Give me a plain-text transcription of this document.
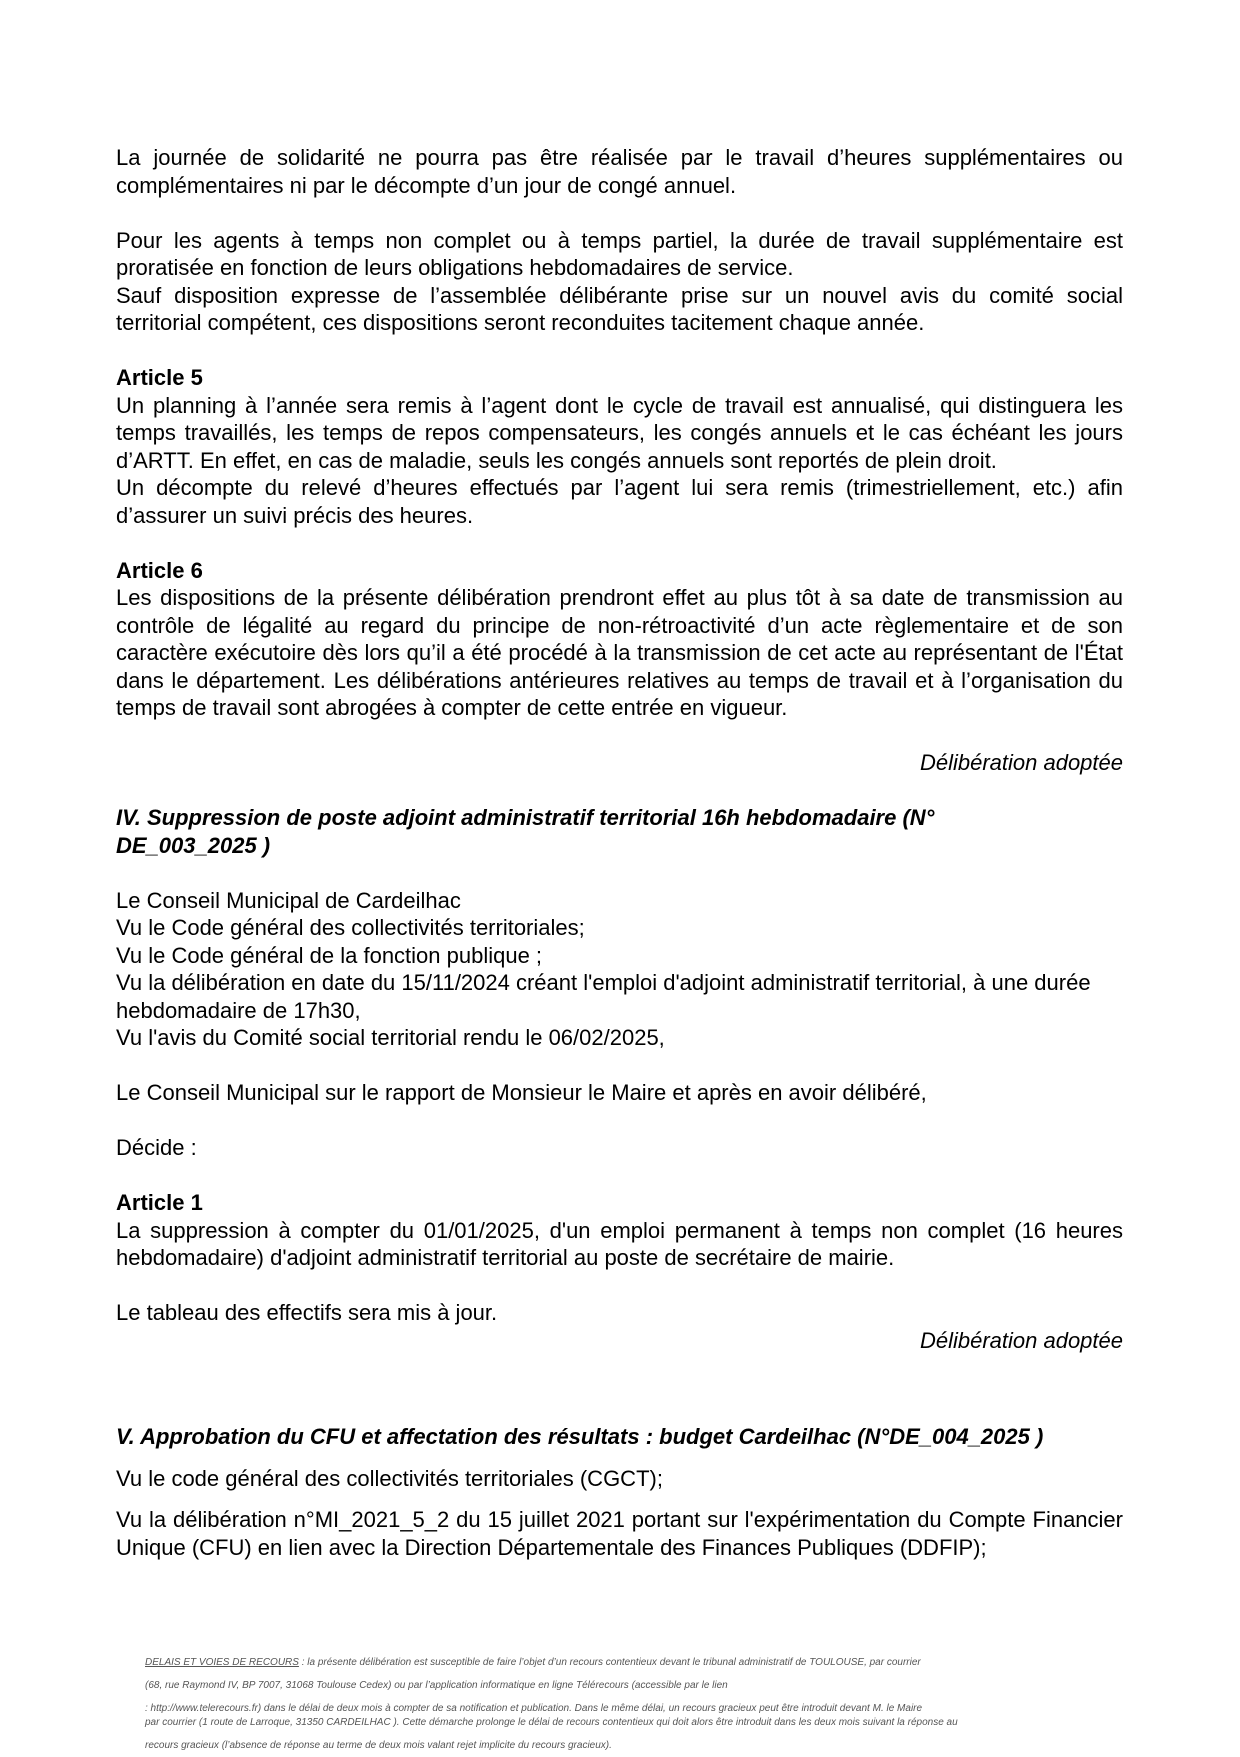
La journée de solidarité ne pourra pas être réalisée par le travail d’heures supplémentaires ou complémentaires ni par le décompte d’un jour de congé annuel.

Pour les agents à temps non complet ou à temps partiel, la durée de travail supplémentaire est proratisée en fonction de leurs obligations hebdomadaires de service.

Sauf disposition expresse de l’assemblée délibérante prise sur un nouvel avis du comité social territorial compétent, ces dispositions seront reconduites tacitement chaque année.

Article 5

Un planning à l’année sera remis à l’agent dont le cycle de travail est annualisé, qui distinguera les temps travaillés, les temps de repos compensateurs, les congés annuels et le cas échéant les jours d’ARTT. En effet, en cas de maladie, seuls les congés annuels sont reportés de plein droit.

Un décompte du relevé d’heures effectués par l’agent lui sera remis (trimestriellement, etc.) afin d’assurer un suivi précis des heures.

Article 6

Les dispositions de la présente délibération prendront effet au plus tôt à sa date de transmission au contrôle de légalité au regard du principe de non-rétroactivité d’un acte règlementaire et de son caractère exécutoire dès lors qu’il a été procédé à la transmission de cet acte au représentant de l'État dans le département. Les délibérations antérieures relatives au temps de travail et à l’organisation du temps de travail sont abrogées à compter de cette entrée en vigueur.

Délibération adoptée

IV. Suppression de poste adjoint administratif territorial 16h hebdomadaire (N°

DE_003_2025 )

Le Conseil Municipal de Cardeilhac

Vu le Code général des collectivités territoriales;

Vu le Code général de la fonction publique ;

Vu la délibération en date du 15/11/2024 créant l'emploi d'adjoint administratif territorial, à une durée hebdomadaire de 17h30,

Vu l'avis du Comité social territorial rendu le 06/02/2025,

Le Conseil Municipal sur le rapport de Monsieur le Maire et après en avoir délibéré,

Décide :

Article 1

La suppression à compter du 01/01/2025, d'un emploi permanent à temps non complet (16 heures hebdomadaire) d'adjoint administratif territorial au poste de secrétaire de mairie.

Le tableau des effectifs sera mis à jour.

Délibération adoptée

V. Approbation du CFU et affectation des résultats : budget Cardeilhac (N°DE_004_2025 )

Vu le code général des collectivités territoriales (CGCT);

Vu la délibération n°MI_2021_5_2 du 15 juillet 2021 portant sur l'expérimentation du Compte Financier Unique (CFU) en lien avec la Direction Départementale des Finances Publiques (DDFIP);

DELAIS ET VOIES DE RECOURS : la présente délibération est susceptible de faire l’objet d’un recours contentieux devant le tribunal administratif de TOULOUSE, par courrier

(68, rue Raymond IV, BP 7007, 31068 Toulouse Cedex) ou par l’application informatique en ligne Télérecours (accessible par le lien

: http://www.telerecours.fr) dans le délai de deux mois à compter de sa notification et publication. Dans le même délai, un recours gracieux peut être introduit devant M. le Maire

par courrier (1 route de Larroque, 31350 CARDEILHAC ). Cette démarche prolonge le délai de recours contentieux qui doit alors être introduit dans les deux mois suivant la réponse au

recours gracieux (l’absence de réponse au terme de deux mois valant rejet implicite du recours gracieux).
